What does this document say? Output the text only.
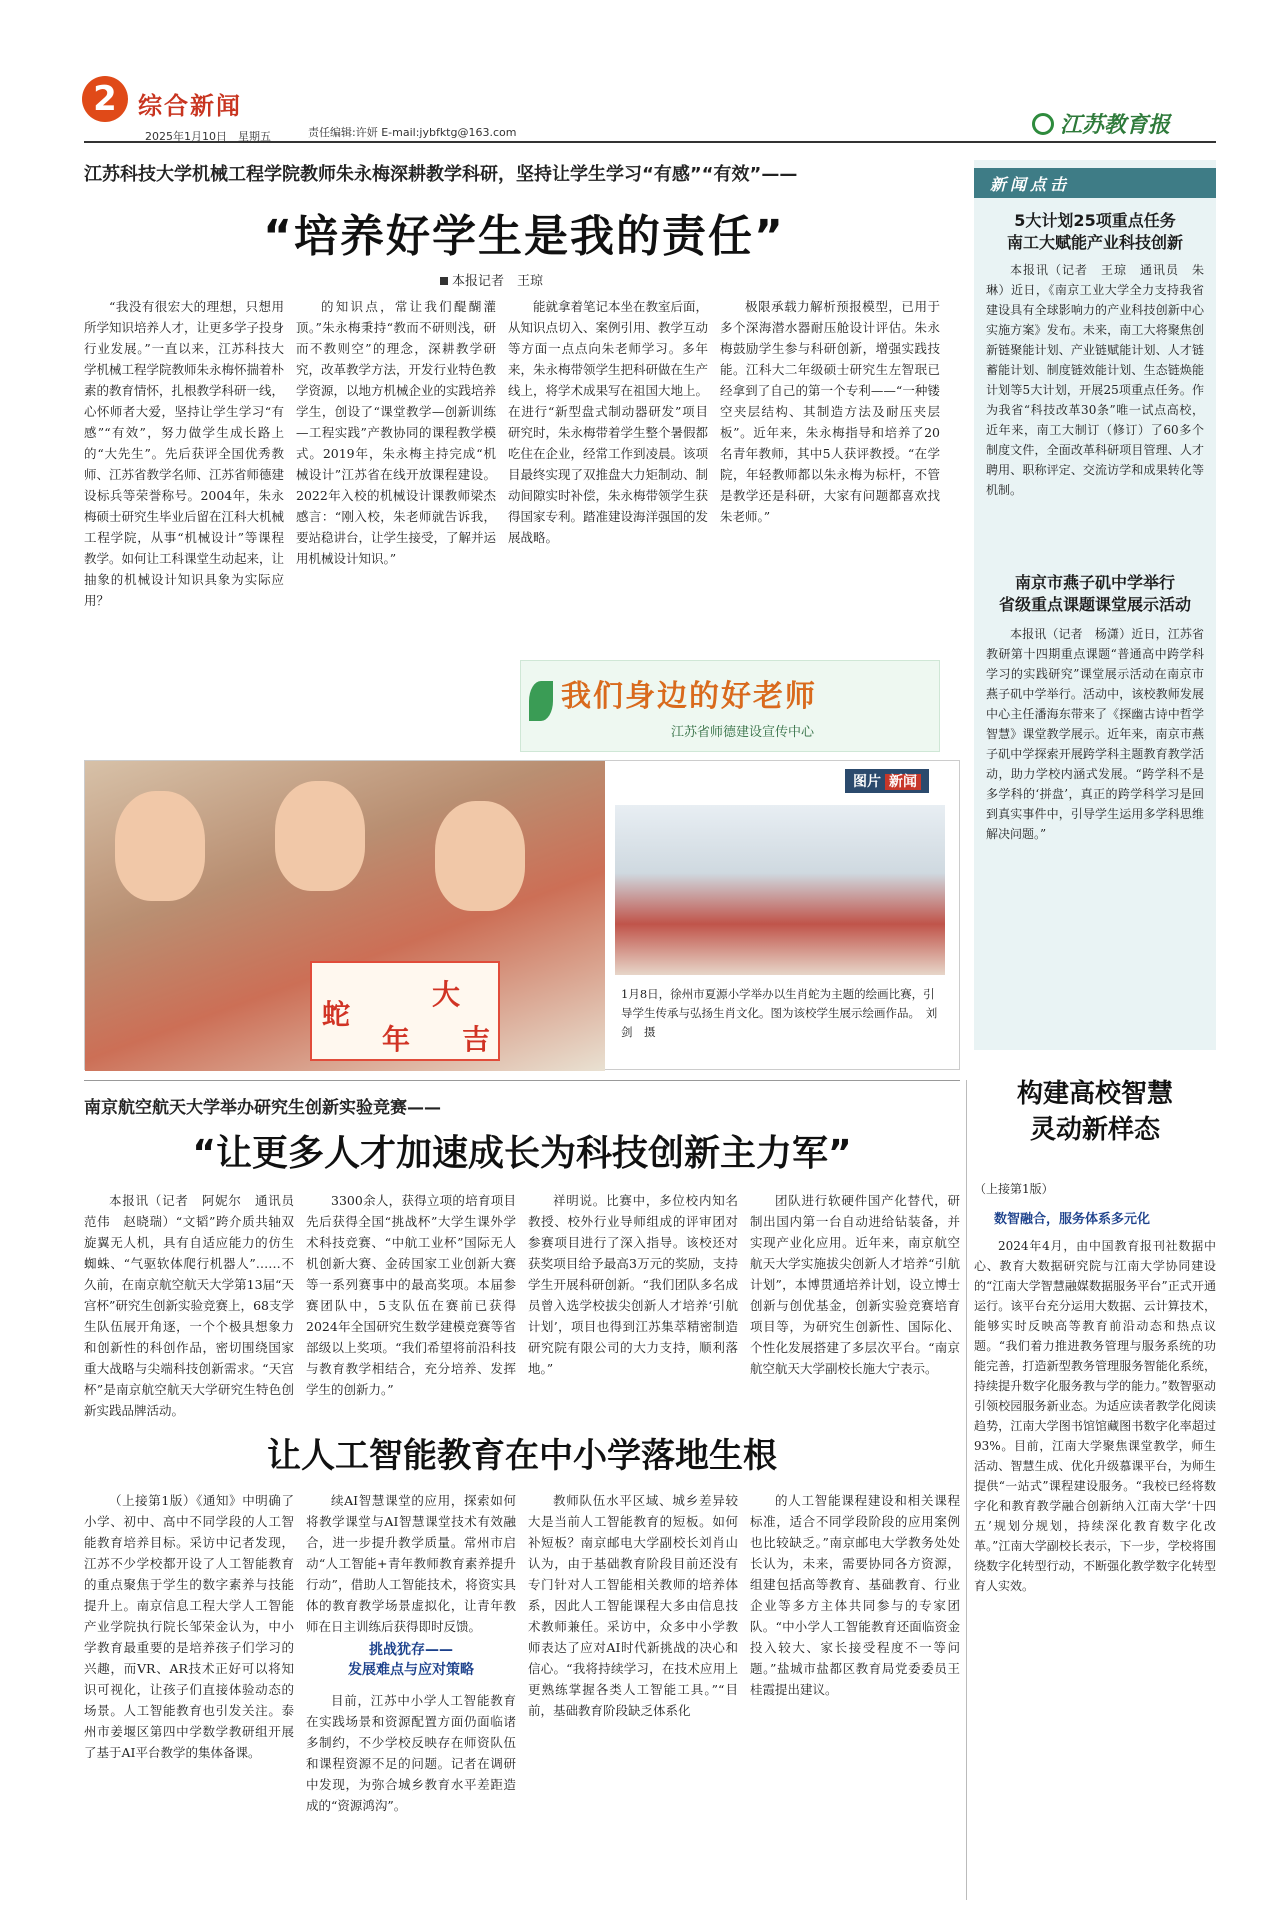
2 综合新闻
2025年1月10日　星期五	责任编辑:许妍 E-mail:jybfktg@163.com	江苏教育报
江苏科技大学机械工程学院教师朱永梅深耕教学科研，坚持让学生学习“有感”“有效”——
“培养好学生是我的责任”
本报记者　王琼

“我没有很宏大的理想，只想用所学知识培养人才，让更多学子投身行业发展。”一直以来，江苏科技大学机械工程学院教师朱永梅怀揣着朴素的教育情怀，扎根教学科研一线，心怀师者大爱，坚持让学生学习“有感”“有效”，努力做学生成长路上的“大先生”。先后获评全国优秀教师、江苏省教学名师、江苏省师德建设标兵等荣誉称号。2004年，朱永梅硕士研究生毕业后留在江科大机械工程学院，从事“机械设计”等课程教学。如何让工科课堂生动起来，让抽象的机械设计知识具象为实际应用？

的知识点，常让我们醍醐灌顶。”朱永梅秉持“教而不研则浅，研而不教则空”的理念，深耕教学研究，改革教学方法，开发行业特色教学资源，以地方机械企业的实践培养学生，创设了“课堂教学—创新训练—工程实践”产教协同的课程教学模式。2019年，朱永梅主持完成“机械设计”江苏省在线开放课程建设。2022年入校的机械设计课教师梁杰感言：“刚入校，朱老师就告诉我，要站稳讲台，让学生接受，了解并运用机械设计知识。”

能就拿着笔记本坐在教室后面，从知识点切入、案例引用、教学互动等方面一点点向朱老师学习。多年来，朱永梅带领学生把科研做在生产线上，将学术成果写在祖国大地上。在进行“新型盘式制动器研发”项目研究时，朱永梅带着学生整个暑假都吃住在企业，经常工作到凌晨。该项目最终实现了双推盘大力矩制动、制动间隙实时补偿，朱永梅带领学生获得国家专利。踏准建设海洋强国的发展战略。

极限承载力解析预报模型，已用于多个深海潜水器耐压舱设计评估。朱永梅鼓励学生参与科研创新，增强实践技能。江科大二年级硕士研究生左智珉已经拿到了自己的第一个专利——“一种镂空夹层结构、其制造方法及耐压夹层板”。近年来，朱永梅指导和培养了20名青年教师，其中5人获评教授。“在学院，年轻教师都以朱永梅为标杆，不管是教学还是科研，大家有问题都喜欢找朱老师。”

我们身边的好老师
江苏省师德建设宣传中心
蛇
年
大
吉
图片 新闻
1月8日，徐州市夏源小学举办以生肖蛇为主题的绘画比赛，引导学生传承与弘扬生肖文化。图为该校学生展示绘画作品。　刘剑　摄
新闻点击
5大计划25项重点任务
南工大赋能产业科技创新

本报讯（记者　王琼　通讯员　朱琳）近日，《南京工业大学全力支持我省建设具有全球影响力的产业科技创新中心实施方案》发布。未来，南工大将聚焦创新链聚能计划、产业链赋能计划、人才链蓄能计划、制度链效能计划、生态链焕能计划等5大计划，开展25项重点任务。作为我省“科技改革30条”唯一试点高校，近年来，南工大制订（修订）了60多个制度文件，全面改革科研项目管理、人才聘用、职称评定、交流访学和成果转化等机制。

南京市燕子矶中学举行
省级重点课题课堂展示活动

本报讯（记者　杨潇）近日，江苏省教研第十四期重点课题“普通高中跨学科学习的实践研究”课堂展示活动在南京市燕子矶中学举行。活动中，该校教师发展中心主任潘海东带来了《探幽古诗中哲学智慧》课堂教学展示。近年来，南京市燕子矶中学探索开展跨学科主题教育教学活动，助力学校内涵式发展。“跨学科不是多学科的‘拼盘’，真正的跨学科学习是回到真实事件中，引导学生运用多学科思维解决问题。”

南京航空航天大学举办研究生创新实验竞赛——
“让更多人才加速成长为科技创新主力军”

本报讯（记者　阿妮尔　通讯员　范伟　赵晓瑞）“文韬”跨介质共轴双旋翼无人机，具有自适应能力的仿生蜘蛛、“气驱软体爬行机器人”……不久前，在南京航空航天大学第13届“天宫杯”研究生创新实验竞赛上，68支学生队伍展开角逐，一个个极具想象力和创新性的科创作品，密切围绕国家重大战略与尖端科技创新需求。“天宫杯”是南京航空航天大学研究生特色创新实践品牌活动。

3300余人，获得立项的培育项目先后获得全国“挑战杯”大学生课外学术科技竞赛、“中航工业杯”国际无人机创新大赛、金砖国家工业创新大赛等一系列赛事中的最高奖项。本届参赛团队中，5支队伍在赛前已获得2024年全国研究生数学建模竞赛等省部级以上奖项。“我们希望将前沿科技与教育教学相结合，充分培养、发挥学生的创新力。”

祥明说。比赛中，多位校内知名教授、校外行业导师组成的评审团对参赛项目进行了深入指导。该校还对获奖项目给予最高3万元的奖励，支持学生开展科研创新。“我们团队多名成员曾入选学校拔尖创新人才培养‘引航计划’，项目也得到江苏集萃精密制造研究院有限公司的大力支持，顺利落地。”

团队进行软硬件国产化替代，研制出国内第一台自动进给钻装备，并实现产业化应用。近年来，南京航空航天大学实施拔尖创新人才培养“引航计划”，本博贯通培养计划，设立博士创新与创优基金，创新实验竞赛培育项目等，为研究生创新性、国际化、个性化发展搭建了多层次平台。“南京航空航天大学副校长施大宁表示。

让人工智能教育在中小学落地生根

（上接第1版）《通知》中明确了小学、初中、高中不同学段的人工智能教育培养目标。采访中记者发现，江苏不少学校都开设了人工智能教育的重点聚焦于学生的数字素养与技能提升上。南京信息工程大学人工智能产业学院执行院长邹荣金认为，中小学教育最重要的是培养孩子们学习的兴趣，而VR、AR技术正好可以将知识可视化，让孩子们直接体验动态的场景。人工智能教育也引发关注。泰州市姜堰区第四中学数学教研组开展了基于AI平台教学的集体备课。

续AI智慧课堂的应用，探索如何将教学课堂与AI智慧课堂技术有效融合，进一步提升教学质量。常州市启动“人工智能+青年教师教育素养提升行动”，借助人工智能技术，将资实具体的教育教学场景虚拟化，让青年教师在日主训练后获得即时反馈。

挑战犹存——
发展难点与应对策略

目前，江苏中小学人工智能教育在实践场景和资源配置方面仍面临诸多制约，不少学校反映存在师资队伍和课程资源不足的问题。记者在调研中发现，为弥合城乡教育水平差距造成的“资源鸿沟”。

教师队伍水平区域、城乡差异较大是当前人工智能教育的短板。如何补短板？南京邮电大学副校长刘肖山认为，由于基础教育阶段目前还没有专门针对人工智能相关教师的培养体系，因此人工智能课程大多由信息技术教师兼任。采访中，众多中小学教师表达了应对AI时代新挑战的决心和信心。“我将持续学习，在技术应用上更熟练掌握各类人工智能工具。”“目前，基础教育阶段缺乏体系化

的人工智能课程建设和相关课程标准，适合不同学段阶段的应用案例也比较缺乏。”南京邮电大学教务处处长认为，未来，需要协同各方资源，组建包括高等教育、基础教育、行业企业等多方主体共同参与的专家团队。“中小学人工智能教育还面临资金投入较大、家长接受程度不一等问题。”盐城市盐都区教育局党委委员王桂霞提出建议。

构建高校智慧
灵动新样态
（上接第1版）
数智融合，服务体系多元化

2024年4月，由中国教育报刊社数据中心、教育大数据研究院与江南大学协同建设的“江南大学智慧融媒数据服务平台”正式开通运行。该平台充分运用大数据、云计算技术，能够实时反映高等教育前沿动态和热点议题。“我们着力推进教务管理与服务系统的功能完善，打造新型教务管理服务智能化系统，持续提升数字化服务教与学的能力。”数智驱动引领校园服务新业态。为适应读者教学化阅读趋势，江南大学图书馆馆藏图书数字化率超过93%。目前，江南大学聚焦课堂教学，师生活动、智慧生成、优化升级慕课平台，为师生提供“一站式”课程建设服务。“我校已经将数字化和教育教学融合创新纳入江南大学‘十四五’规划分规划，持续深化教育数字化改革。”江南大学副校长表示，下一步，学校将围绕数字化转型行动，不断强化教学数字化转型育人实效。
